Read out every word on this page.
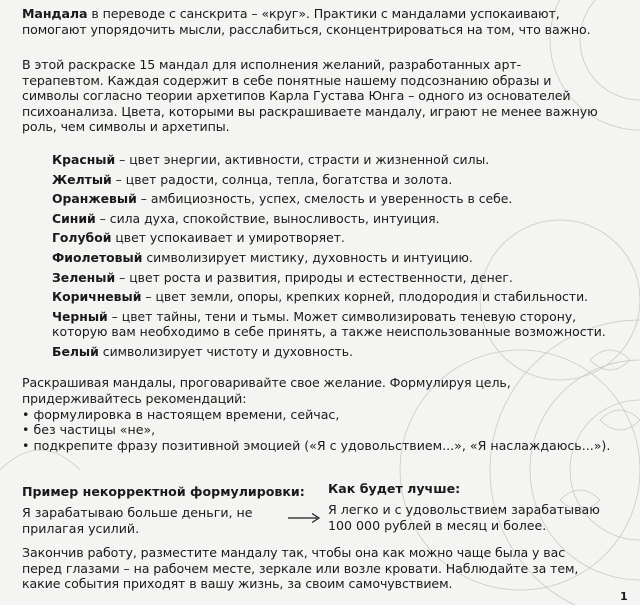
Мандала в переводе с санскрита – «круг». Практики с мандалами успокаивают, помогают упорядочить мысли, расслабиться, сконцентрироваться на том, что важно.
В этой раскраске 15 мандал для исполнения желаний, разработанных арт-терапевтом. Каждая содержит в себе понятные нашему подсознанию образы и символы согласно теории архетипов Карла Густава Юнга – одного из основателей психоанализа. Цвета, которыми вы раскрашиваете мандалу, играют не менее важную роль, чем символы и архетипы.
Красный – цвет энергии, активности, страсти и жизненной силы.
Желтый – цвет радости, солнца, тепла, богатства и золота.
Оранжевый – амбициозность, успех, смелость и уверенность в себе.
Синий – сила духа, спокойствие, выносливость, интуиция.
Голубой цвет успокаивает и умиротворяет.
Фиолетовый символизирует мистику, духовность и интуицию.
Зеленый – цвет роста и развития, природы и естественности, денег.
Коричневый – цвет земли, опоры, крепких корней, плодородия и стабильности.
Черный – цвет тайны, тени и тьмы. Может символизировать теневую сторону, которую вам необходимо в себе принять, а также неиспользованные возможности.
Белый символизирует чистоту и духовность.
Раскрашивая мандалы, проговаривайте свое желание. Формулируя цель, придерживайтесь рекомендаций:
• формулировка в настоящем времени, сейчас,
• без частицы «не»,
• подкрепите фразу позитивной эмоцией («Я с удовольствием...», «Я наслаждаюсь...»).
Пример некорректной формулировки:
Я зарабатываю больше деньги, не прилагая усилий.
Как будет лучше:
Я легко и с удовольствием зарабатываю 100 000 рублей в месяц и более.
Закончив работу, разместите мандалу так, чтобы она как можно чаще была у вас перед глазами – на рабочем месте, зеркале или возле кровати. Наблюдайте за тем, какие события приходят в вашу жизнь, за своим самочувствием.
1
